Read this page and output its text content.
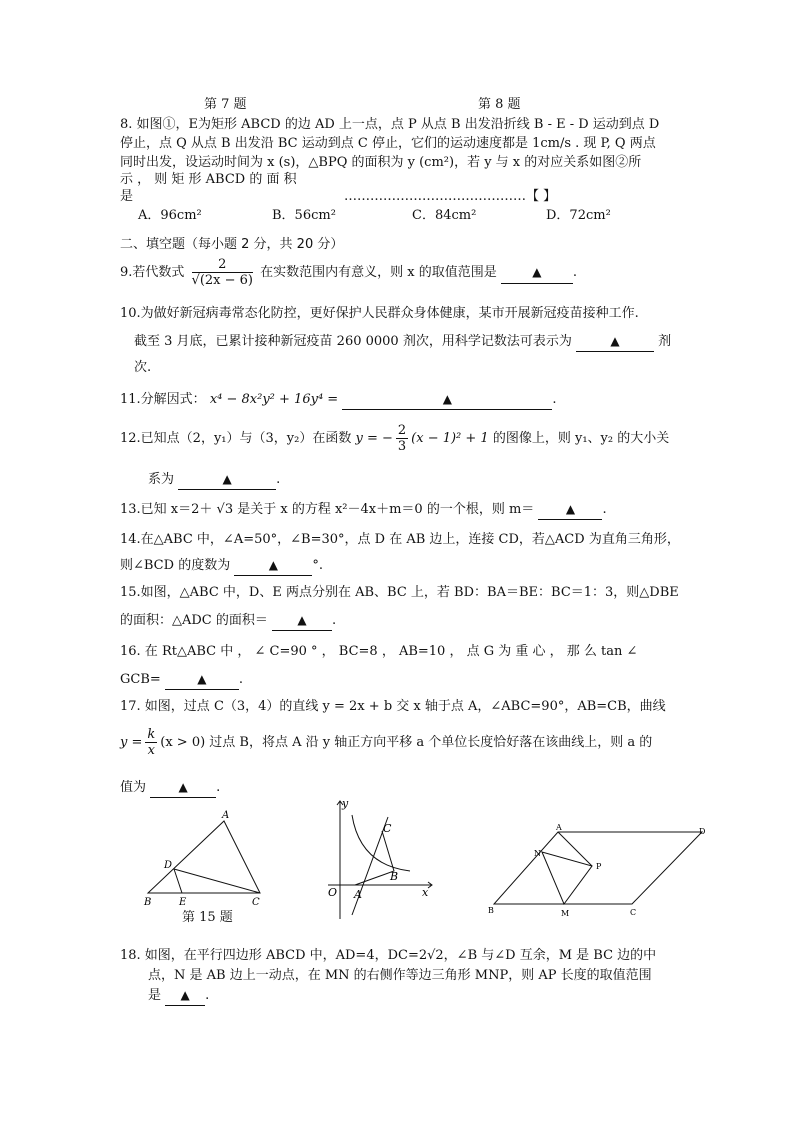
第 7 题	第 8 题
8. 如图①，E为矩形 ABCD 的边 AD 上一点，点 P 从点 B 出发沿折线 B - E - D 运动到点 D
停止，点 Q 从点 B 出发沿 BC 运动到点 C 停止，它们的运动速度都是 1cm/s . 现 P, Q 两点
同时出发，设运动时间为 x (s)，△BPQ 的面积为 y (cm²)，若 y 与 x 的对应关系如图②所
示 ， 则 矩 形 ABCD 的 面 积
是	……………………………………【 】
A．96cm²	B．56cm²	C．84cm²	D．72cm²
二、填空题（每小题 2 分，共 20 分）
9.若代数式 $\frac{2}{√(2x - 6)}$ 在实数范围内有意义，则 x 的取值范围是	▲ .
10.为做好新冠病毒常态化防控，更好保护人民群众身体健康，某市开展新冠疫苗接种工作.
截至 3 月底，已累计接种新冠疫苗 260 0000 剂次，用科学记数法可表示为	▲	剂
次.
11.分解因式： x⁴ − 8x²y² + 16y⁴ =	▲	.
12.已知点（2，y₁）与（3，y₂）在函数 y = − $\frac{2}{3} (x - 1)^2 + 1$ 的图像上，则 y₁、y₂ 的大小关
系为	▲	.
13.已知 x＝2＋ √3 是关于 x 的方程 x²－4x＋m＝0 的一个根，则 m＝	▲ .
14.在△ABC 中，∠A=50°，∠B=30°，点 D 在 AB 边上，连接 CD，若△ACD 为直角三角形，
则∠BCD 的度数为	▲	°.
15.如图，△ABC 中，D、E 两点分别在 AB、BC 上，若 BD：BA＝BE：BC＝1：3，则△DBE
的面积：△ADC 的面积＝ ▲ .
16. 在 Rt△ABC 中 ， ∠ C=90 ° ， BC=8 ， AB=10 ， 点 G 为 重 心 ， 那 么 tan ∠
GCB=	▲ .
17. 如图，过点 C（3，4）的直线 y = 2x + b 交 x 轴于点 A，∠ABC=90°，AB=CB，曲线
$y = \frac{k}{x} (x > 0)$ 过点 B，将点 A 沿 y 轴正方向平移 a 个单位长度恰好落在该曲线上，则 a 的
值为	▲ .
A
D
B	E	C
第 15 题
y
x
O A
B
C	A	D
N
P
B	M	C
18. 如图，在平行四边形 ABCD 中，AD=4，DC=2√2，∠B 与∠D 互余，M 是 BC 边的中
点，N 是 AB 边上一动点，在 MN 的右侧作等边三角形 MNP，则 AP 长度的取值范围
是 ▲ .
